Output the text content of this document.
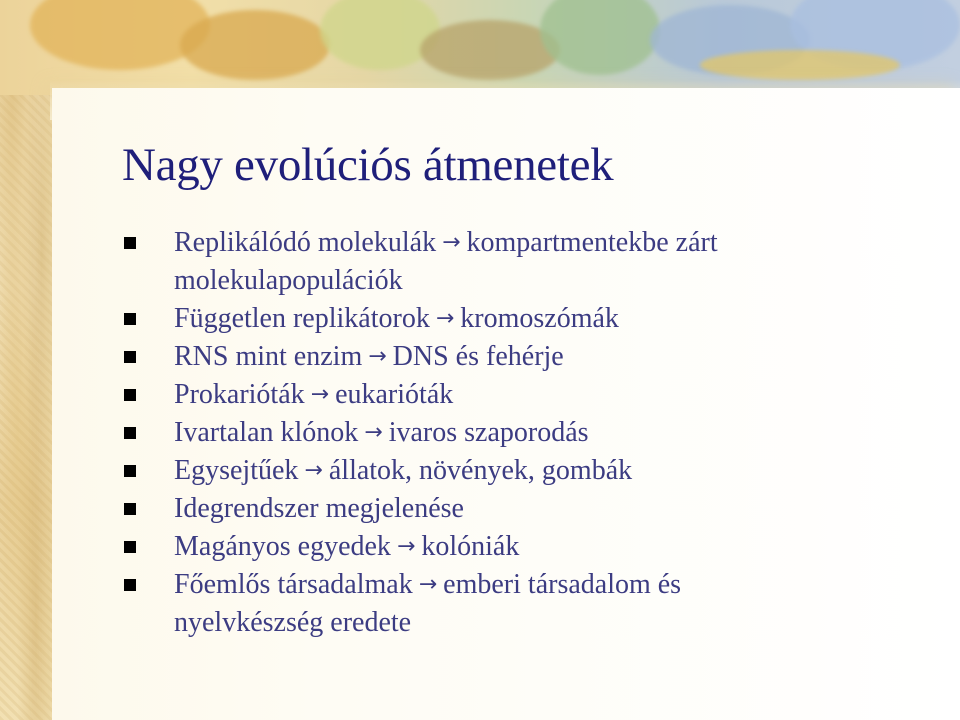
Nagy evolúciós átmenetek
Replikálódó molekulák → kompartmentekbe zárt
molekulapopulációk
Független replikátorok → kromoszómák
RNS mint enzim → DNS és fehérje
Prokarióták → eukarióták
Ivartalan klónok → ivaros szaporodás
Egysejtűek → állatok, növények, gombák
Idegrendszer megjelenése
Magányos egyedek → kolóniák
Főemlős társadalmak → emberi társadalom és
nyelvkészség eredete
